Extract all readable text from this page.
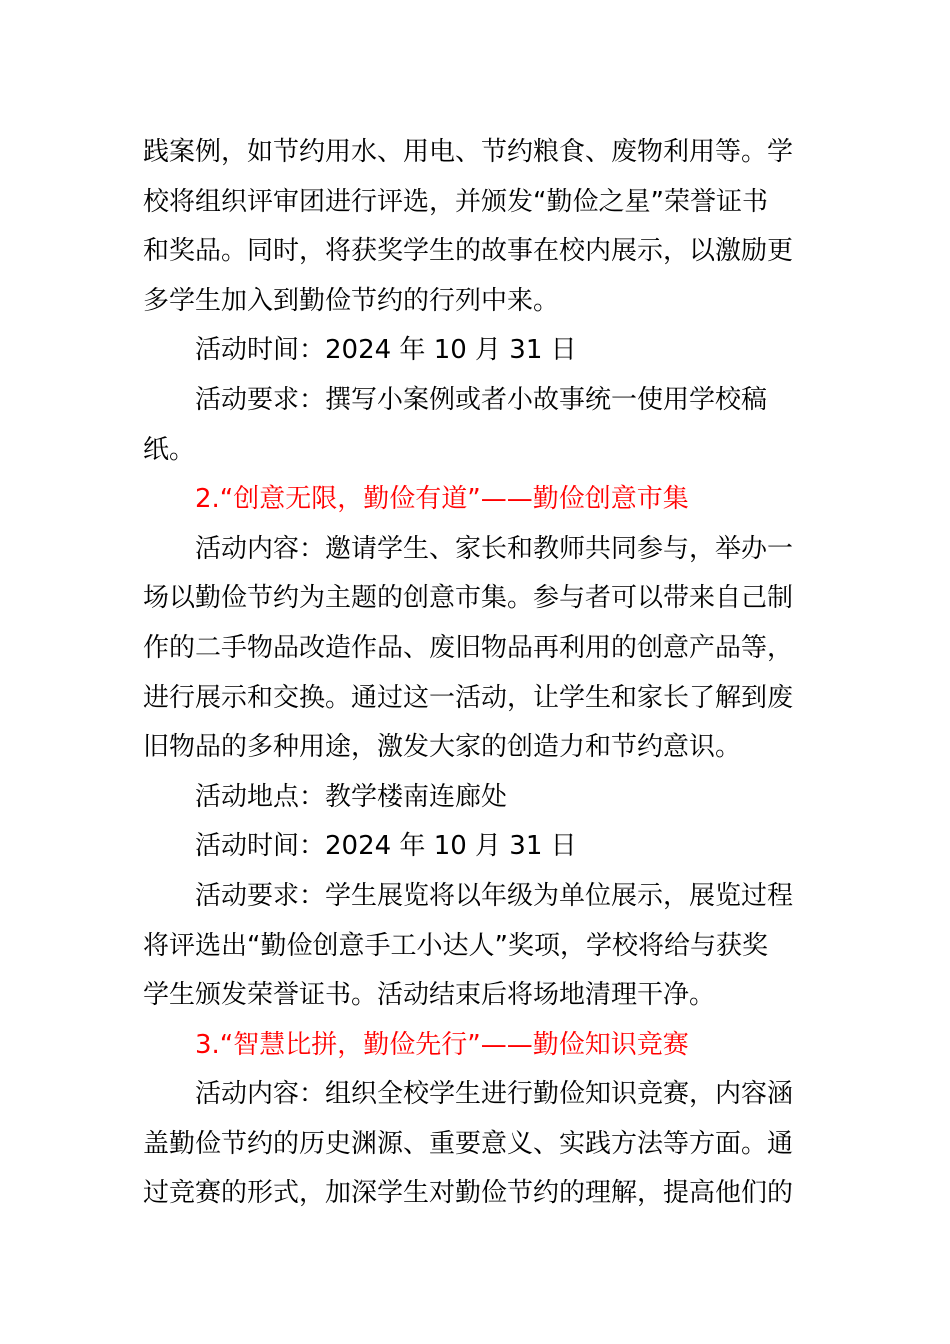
践案例，如节约用水、用电、节约粮食、废物利用等。学
校将组织评审团进行评选，并颁发“勤俭之星”荣誉证书
和奖品。同时，将获奖学生的故事在校内展示，以激励更
多学生加入到勤俭节约的行列中来。
活动时间：2024 年 10 月 31 日
活动要求：撰写小案例或者小故事统一使用学校稿
纸。
2.“创意无限，勤俭有道”——勤俭创意市集
活动内容：邀请学生、家长和教师共同参与，举办一
场以勤俭节约为主题的创意市集。参与者可以带来自己制
作的二手物品改造作品、废旧物品再利用的创意产品等，
进行展示和交换。通过这一活动，让学生和家长了解到废
旧物品的多种用途，激发大家的创造力和节约意识。
活动地点：教学楼南连廊处
活动时间：2024 年 10 月 31 日
活动要求：学生展览将以年级为单位展示，展览过程
将评选出“勤俭创意手工小达人”奖项，学校将给与获奖
学生颁发荣誉证书。活动结束后将场地清理干净。
3.“智慧比拼，勤俭先行”——勤俭知识竞赛
活动内容：组织全校学生进行勤俭知识竞赛，内容涵
盖勤俭节约的历史渊源、重要意义、实践方法等方面。通
过竞赛的形式，加深学生对勤俭节约的理解，提高他们的
